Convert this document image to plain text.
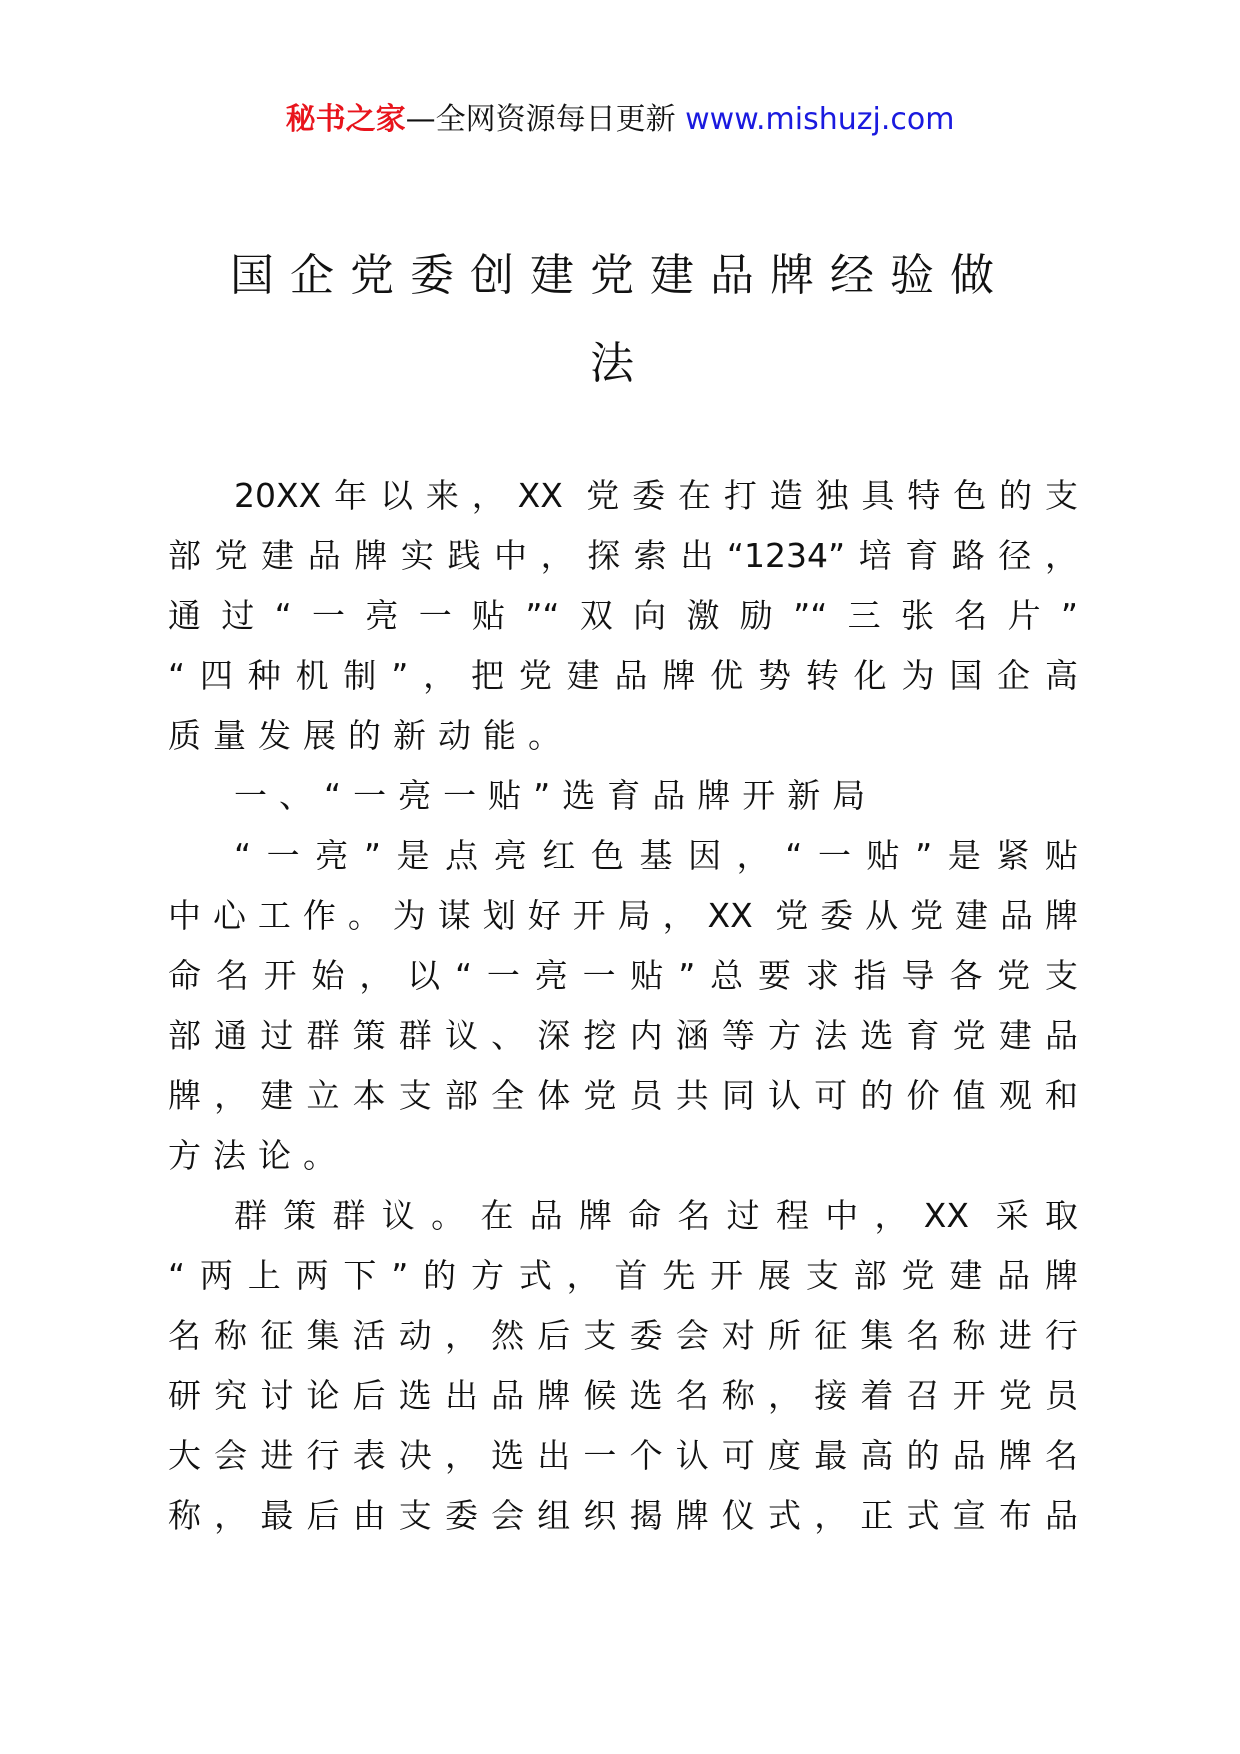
秘书之家—全网资源每日更新 www.mishuzj.com
国企党委创建党建品牌经验做
法
20XX年以来，XX 党委在打造独具特色的支
部党建品牌实践中，探索出“1234”培育路径，
通过“一亮一贴”“双向激励”“三张名片”
“四种机制”，把党建品牌优势转化为国企高
质量发展的新动能。
一、“一亮一贴”选育品牌开新局
“一亮”是点亮红色基因，“一贴”是紧贴
中心工作。为谋划好开局，XX 党委从党建品牌
命名开始，以“一亮一贴”总要求指导各党支
部通过群策群议、深挖内涵等方法选育党建品
牌，建立本支部全体党员共同认可的价值观和
方法论。
群策群议。在品牌命名过程中，XX 采取
“两上两下”的方式，首先开展支部党建品牌
名称征集活动，然后支委会对所征集名称进行
研究讨论后选出品牌候选名称，接着召开党员
大会进行表决，选出一个认可度最高的品牌名
称，最后由支委会组织揭牌仪式，正式宣布品
